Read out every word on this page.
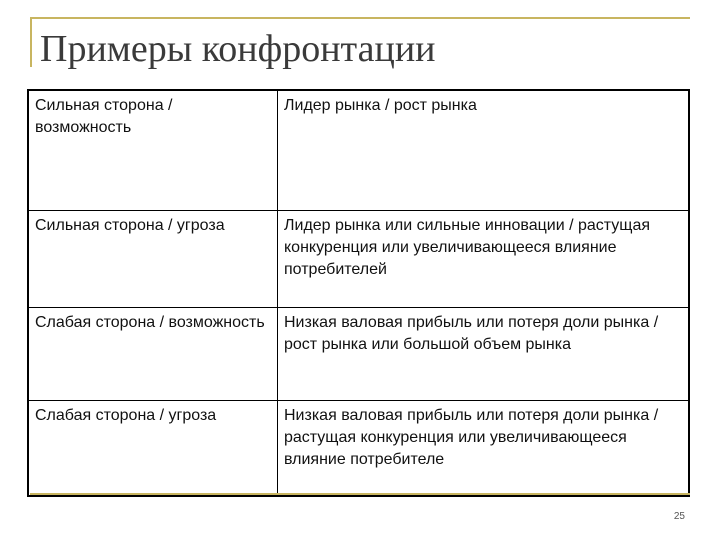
Примеры конфронтации
Сильная сторона / возможность	Лидер рынка / рост рынка
Сильная сторона / угроза	Лидер рынка или сильные инновации / растущая конкуренция или увеличивающееся влияние потребителей
Слабая сторона / возможность	Низкая валовая прибыль или потеря доли рынка / рост рынка или большой объем рынка
Слабая сторона / угроза	Низкая валовая прибыль или потеря доли рынка / растущая конкуренция или увеличивающееся влияние потребителе
25
